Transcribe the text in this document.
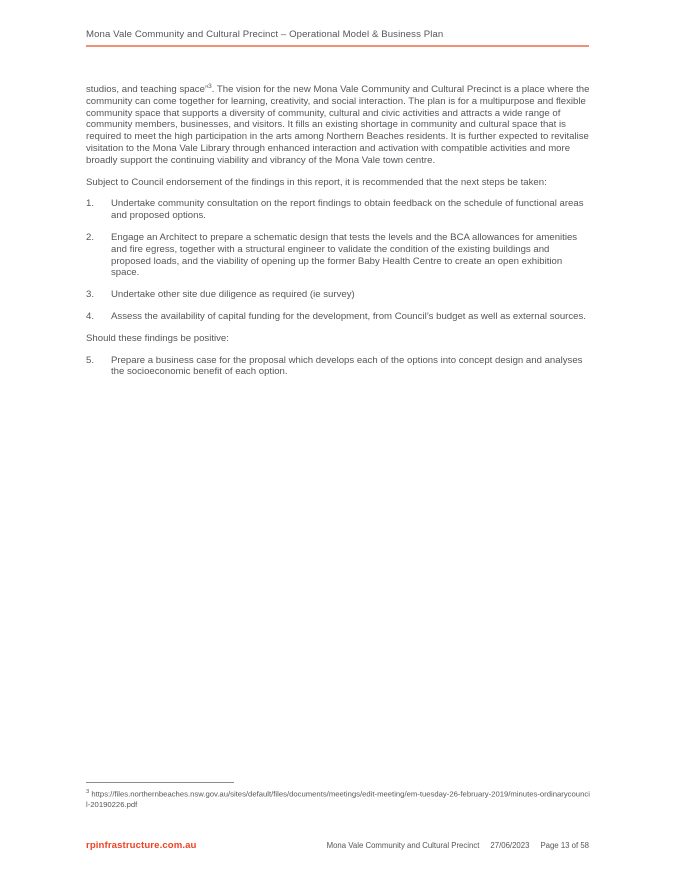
Mona Vale Community and Cultural Precinct – Operational Model & Business Plan

studios, and teaching space”$^3$. The vision for the new Mona Vale Community and Cultural Precinct is a place where the community can come together for learning, creativity, and social interaction. The plan is for a multipurpose and flexible community space that supports a diversity of community, cultural and civic activities and attracts a wide range of community members, businesses, and visitors. It fills an existing shortage in community and cultural space that is required to meet the high participation in the arts among Northern Beaches residents. It is further expected to revitalise visitation to the Mona Vale Library through enhanced interaction and activation with compatible activities and more broadly support the continuing viability and vibrancy of the Mona Vale town centre.

Subject to Council endorsement of the findings in this report, it is recommended that the next steps be taken:

1.	Undertake community consultation on the report findings to obtain feedback on the schedule of functional areas and proposed options.
2.	Engage an Architect to prepare a schematic design that tests the levels and the BCA allowances for amenities and fire egress, together with a structural engineer to validate the condition of the existing buildings and proposed loads, and the viability of opening up the former Baby Health Centre to create an open exhibition space.
3.	Undertake other site due diligence as required (ie survey)
4.	Assess the availability of capital funding for the development, from Council’s budget as well as external sources.

Should these findings be positive:

5.	Prepare a business case for the proposal which develops each of the options into concept design and analyses the socioeconomic benefit of each option.
$^3$ https://files.northernbeaches.nsw.gov.au/sites/default/files/documents/meetings/edit-meeting/em-tuesday-26-february-2019/minutes-ordinarycouncil-20190226.pdf
rpinfrastructure.com.au	Mona Vale Community and Cultural Precinct 27/06/2023 Page 13 of 58
